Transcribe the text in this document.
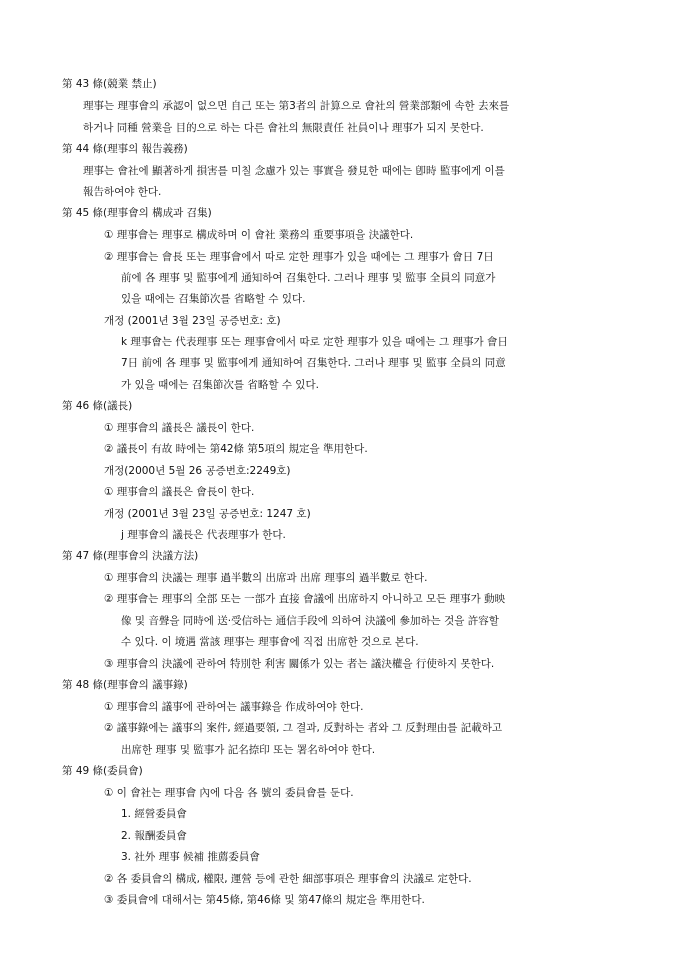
第 43 條(競業 禁止)
理事는 理事會의 承認이 없으면 自己 또는 第3者의 計算으로 會社의 營業部類에 속한 去來를
하거나 同種 營業을 目的으로 하는 다른 會社의 無限責任 社員이나 理事가 되지 못한다.
第 44 條(理事의 報告義務)
理事는 會社에 顯著하게 損害를 미칠 念慮가 있는 事實을 發見한 때에는 卽時 監事에게 이를
報告하여야 한다.
第 45 條(理事會의 構成과 召集)
① 理事會는 理事로 構成하며 이 會社 業務의 重要事項을 決議한다.
② 理事會는 會長 또는 理事會에서 따로 定한 理事가 있을 때에는 그 理事가 會日 7日
前에 各 理事 및 監事에게 通知하여 召集한다. 그러나 理事 및 監事 全員의 同意가
있을 때에는 召集節次를 省略할 수 있다.
개정 (2001년 3월 23일 공증번호: 호)
k 理事會는 代表理事 또는 理事會에서 따로 定한 理事가 있을 때에는 그 理事가 會日
7日 前에 各 理事 및 監事에게 通知하여 召集한다. 그러나 理事 및 監事 全員의 同意
가 있을 때에는 召集節次를 省略할 수 있다.
第 46 條(議長)
① 理事會의 議長은 議長이 한다.
② 議長이 有故 時에는 第42條 第5項의 規定을 準用한다.
개정(2000년 5월 26 공증번호:2249호)
① 理事會의 議長은 會長이 한다.
개정 (2001년 3월 23일 공증번호: 1247 호)
j 理事會의 議長은 代表理事가 한다.
第 47 條(理事會의 決議方法)
① 理事會의 決議는 理事 過半數의 出席과 出席 理事의 過半數로 한다.
② 理事會는 理事의 全部 또는 一部가 直接 會議에 出席하지 아니하고 모든 理事가 動映
像 및 音聲을 同時에 送·受信하는 通信手段에 의하여 決議에 參加하는 것을 許容할
수 있다. 이 境遇 當該 理事는 理事會에 직접 出席한 것으로 본다.
③ 理事會의 決議에 관하여 特別한 利害 關係가 있는 者는 議決權을 行使하지 못한다.
第 48 條(理事會의 議事錄)
① 理事會의 議事에 관하여는 議事錄을 作成하여야 한다.
② 議事錄에는 議事의 案件, 經過要領, 그 결과, 反對하는 者와 그 反對理由를 記載하고
出席한 理事 및 監事가 記名捺印 또는 署名하여야 한다.
第 49 條(委員會)
① 이 會社는 理事會 內에 다음 各 號의 委員會를 둔다.
1. 經營委員會
2. 報酬委員會
3. 社外 理事 候補 推薦委員會
② 各 委員會의 構成, 權限, 運營 등에 관한 細部事項은 理事會의 決議로 定한다.
③ 委員會에 대해서는 第45條, 第46條 및 第47條의 規定을 準用한다.
